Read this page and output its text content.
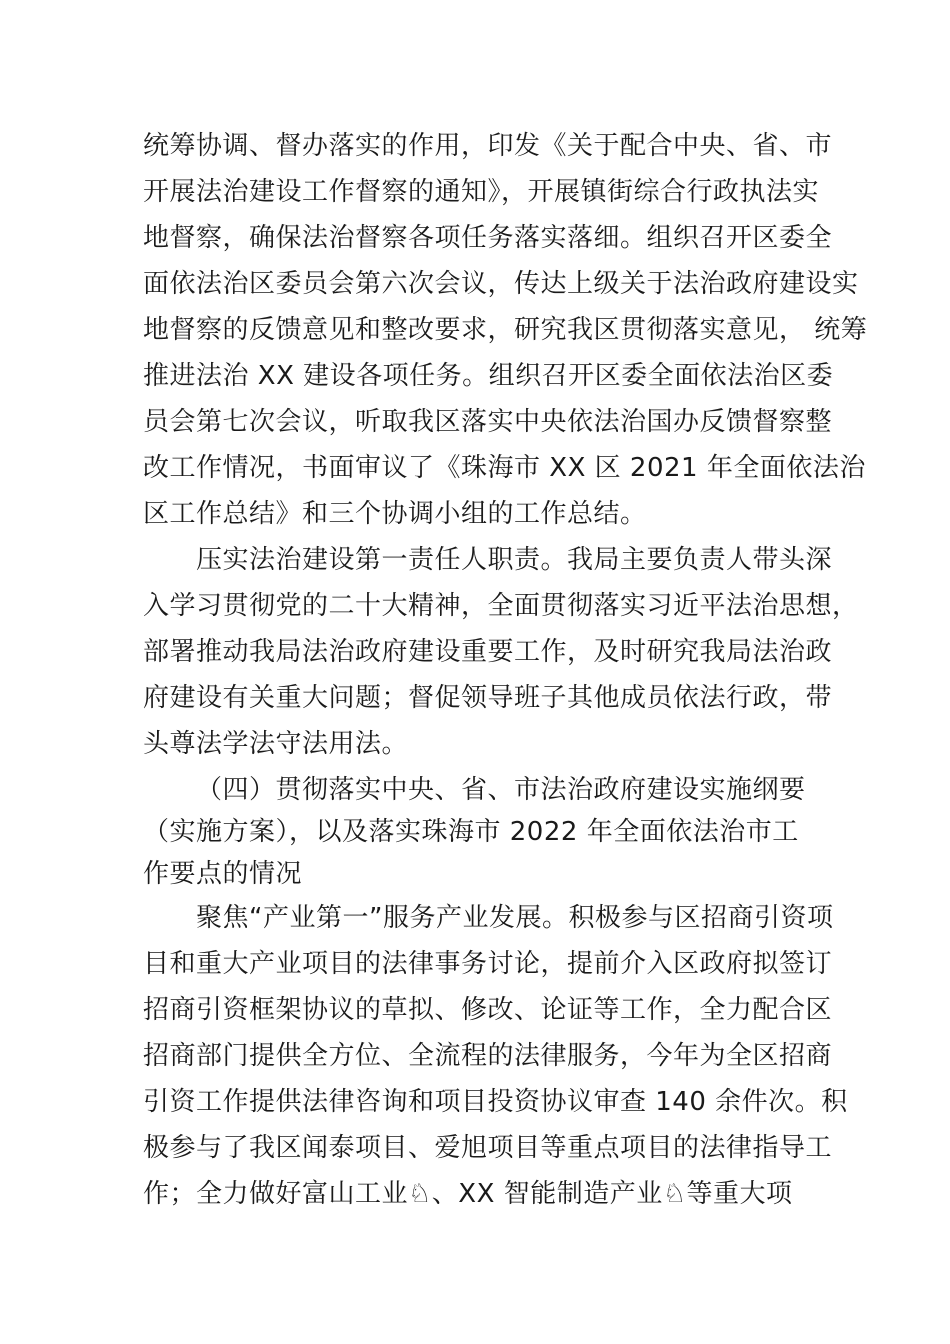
统筹协调、督办落实的作用，印发《关于配合中央、省、市
开展法治建设工作督察的通知》，开展镇街综合行政执法实
地督察，确保法治督察各项任务落实落细。组织召开区委全
面依法治区委员会第六次会议，传达上级关于法治政府建设实
地督察的反馈意见和整改要求，研究我区贯彻落实意见， 统筹
推进法治 XX 建设各项任务。组织召开区委全面依法治区委
员会第七次会议，听取我区落实中央依法治国办反馈督察整
改工作情况，书面审议了《珠海市 XX 区 2021 年全面依法治
区工作总结》和三个协调小组的工作总结。
压实法治建设第一责任人职责。我局主要负责人带头深
入学习贯彻党的二十大精神，全面贯彻落实习近平法治思想，
部署推动我局法治政府建设重要工作，及时研究我局法治政
府建设有关重大问题；督促领导班子其他成员依法行政，带
头尊法学法守法用法。
（四）贯彻落实中央、省、市法治政府建设实施纲要
（实施方案），以及落实珠海市 2022 年全面依法治市工
作要点的情况
聚焦“产业第一”服务产业发展。积极参与区招商引资项
目和重大产业项目的法律事务讨论，提前介入区政府拟签订
招商引资框架协议的草拟、修改、论证等工作，全力配合区
招商部门提供全方位、全流程的法律服务，今年为全区招商
引资工作提供法律咨询和项目投资协议审查 140 余件次。积
极参与了我区闻泰项目、爱旭项目等重点项目的法律指导工
作；全力做好富山工业♘、XX 智能制造产业♘等重大项
